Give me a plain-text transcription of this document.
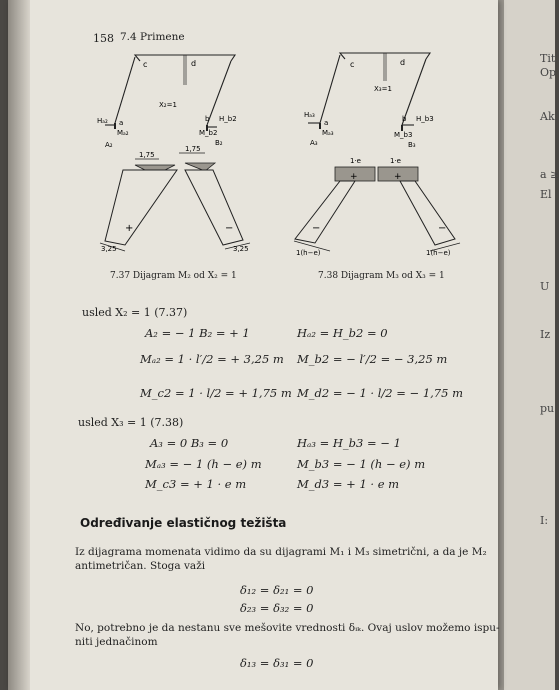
Tit
Op
Ak
a ≥
El
U
Iz
pu
I:
158 7.4 Primene
c	d
X₂=1
Hₐ₂ a
Mₐ₂
A₂
b H_b2
M_b2
B₂
1,75
1,75
3,25	3,25
+	−
7.37 Dijagram M₂ od X₂ = 1
c	d
X₃=1
Hₐ₃
a
Mₐ₃
A₃
b H_b3
M_b3
B₃
1·e	1·e
1(h−e)	1(h−e)
+	+
−	−
7.38 Dijagram M₃ od X₃ = 1
usled X₂ = 1 (7.37)
A₂ = − 1 B₂ = + 1	Hₐ₂ = H_b2 = 0
Mₐ₂ = 1 · l′/2 = + 3,25 m M_b2 = − l′/2 = − 3,25 m
M_c2 = 1 · l/2 = + 1,75 m M_d2 = − 1 · l/2 = − 1,75 m
usled X₃ = 1 (7.38)
A₃ = 0 B₃ = 0	Hₐ₃ = H_b3 = − 1
Mₐ₃ = − 1 (h − e) m	M_b3 = − 1 (h − e) m
M_c3 = + 1 · e m	M_d3 = + 1 · e m
Određivanje elastičnog težišta
Iz dijagrama momenata vidimo da su dijagrami M₁ i M₃ simetrični, a da je M₂
antimetričan. Stoga važi
δ₁₂ = δ₂₁ = 0
δ₂₃ = δ₃₂ = 0
No, potrebno je da nestanu sve mešovite vrednosti δᵢₖ. Ovaj uslov možemo ispu-
niti jednačinom
δ₁₃ = δ₃₁ = 0
